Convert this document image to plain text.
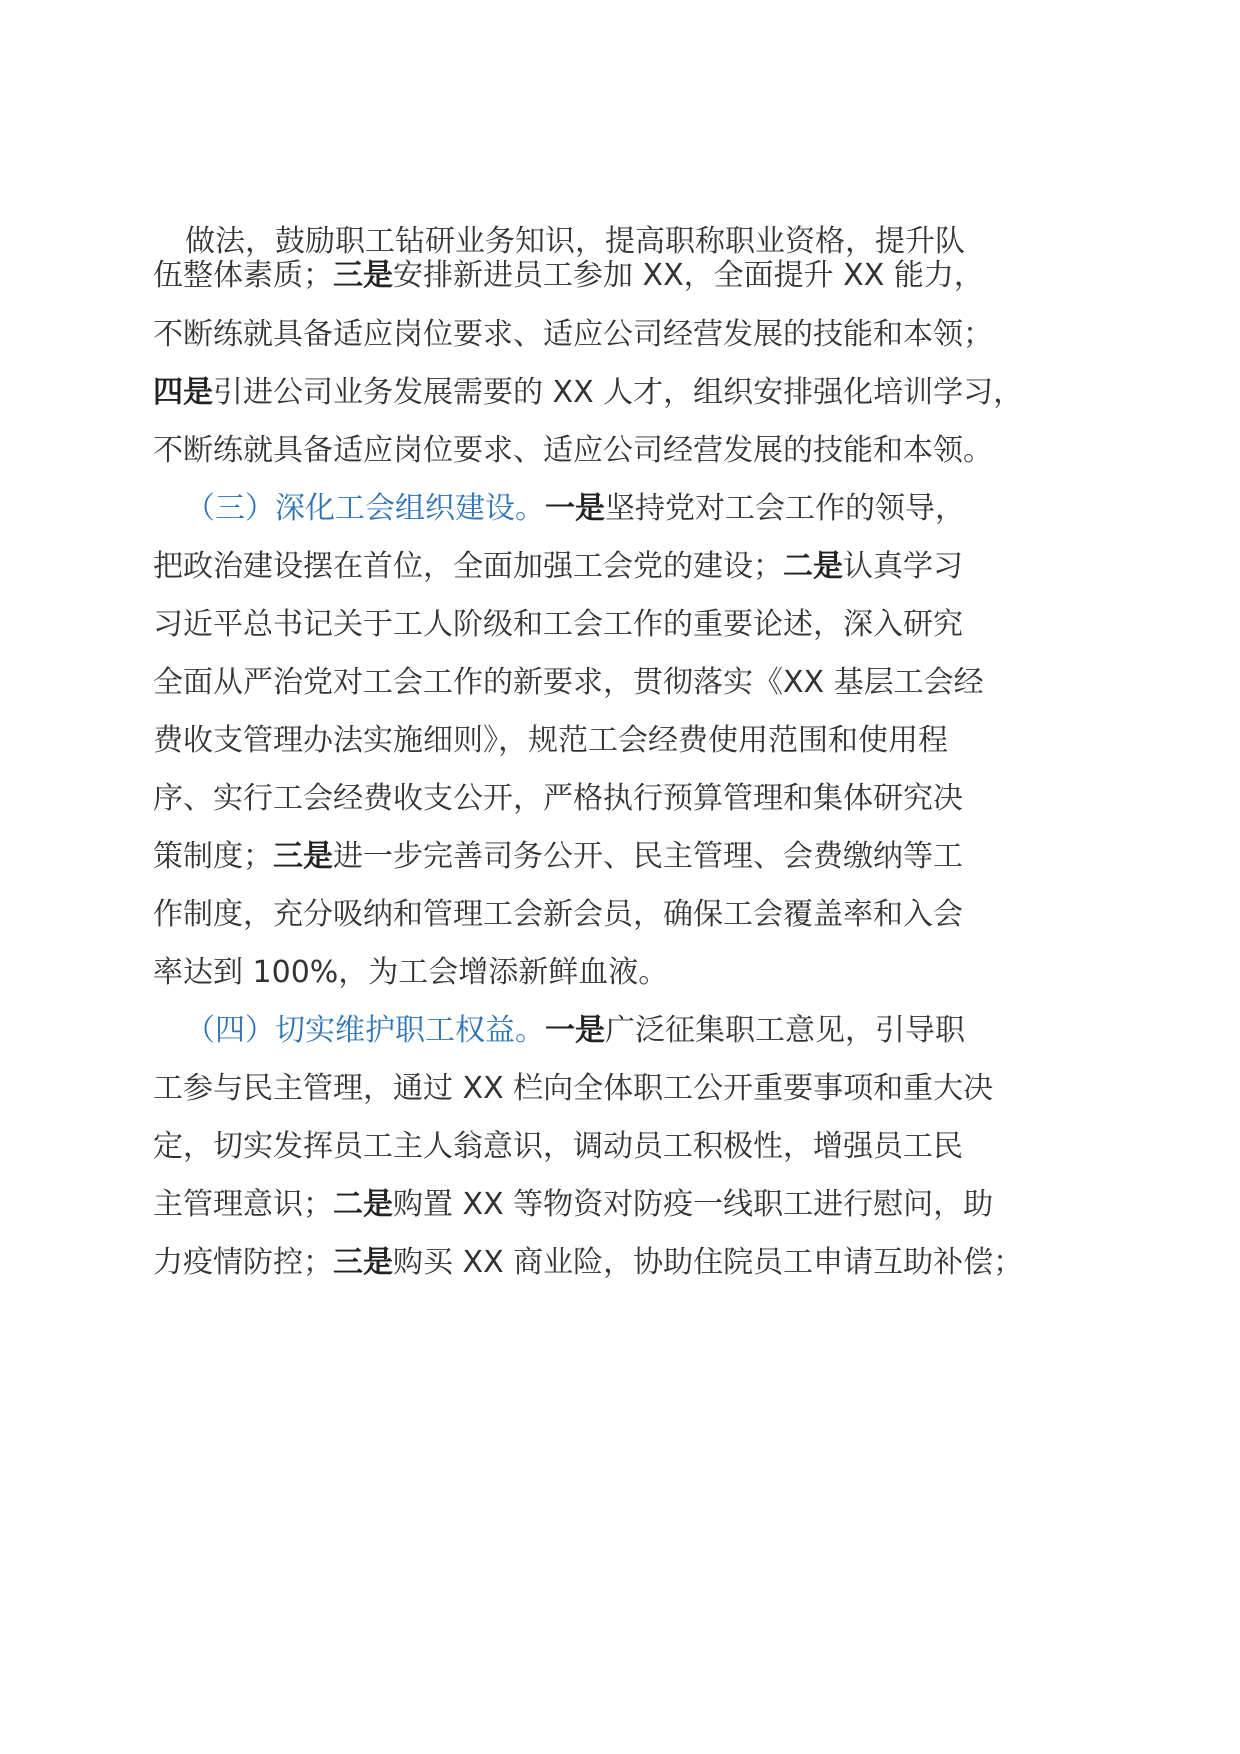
做法，鼓励职工钻研业务知识，提高职称职业资格，提升队
伍整体素质；三是安排新进员工参加 XX，全面提升 XX 能力，
不断练就具备适应岗位要求、适应公司经营发展的技能和本领；
四是引进公司业务发展需要的 XX 人才，组织安排强化培训学习，
不断练就具备适应岗位要求、适应公司经营发展的技能和本领。
（三）深化工会组织建设。一是坚持党对工会工作的领导，
把政治建设摆在首位，全面加强工会党的建设；二是认真学习
习近平总书记关于工人阶级和工会工作的重要论述，深入研究
全面从严治党对工会工作的新要求，贯彻落实《XX 基层工会经
费收支管理办法实施细则》，规范工会经费使用范围和使用程
序、实行工会经费收支公开，严格执行预算管理和集体研究决
策制度；三是进一步完善司务公开、民主管理、会费缴纳等工
作制度，充分吸纳和管理工会新会员，确保工会覆盖率和入会
率达到 100%，为工会增添新鲜血液。
（四）切实维护职工权益。一是广泛征集职工意见，引导职
工参与民主管理，通过 XX 栏向全体职工公开重要事项和重大决
定，切实发挥员工主人翁意识，调动员工积极性，增强员工民
主管理意识；二是购置 XX 等物资对防疫一线职工进行慰问，助
力疫情防控；三是购买 XX 商业险，协助住院员工申请互助补偿；
